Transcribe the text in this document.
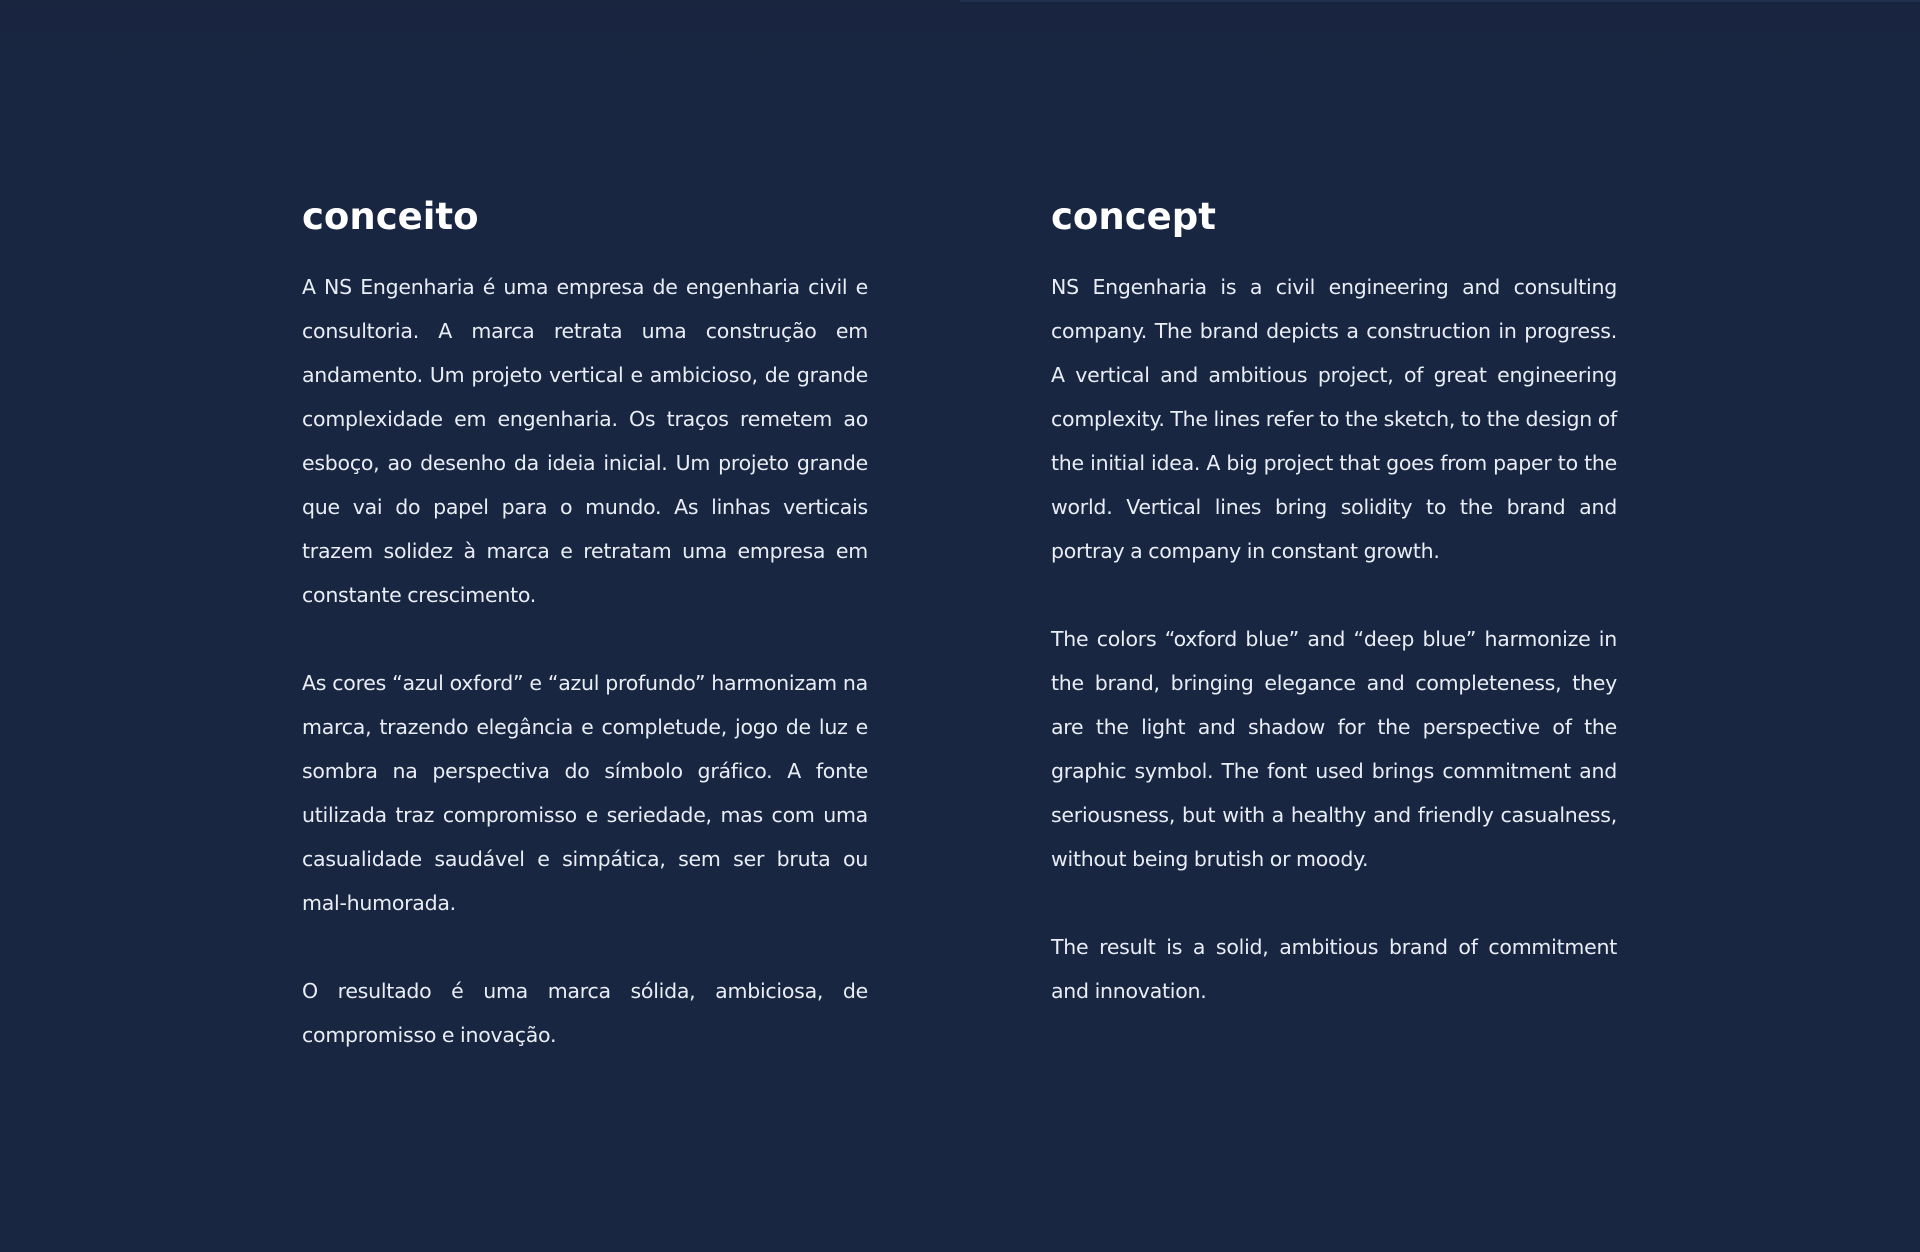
conceito

A NS Engenharia é uma empresa de engenharia civil e consultoria. A marca retrata uma construção em andamento. Um projeto vertical e ambicioso, de grande complexidade em engenharia. Os traços remetem ao esboço, ao desenho da ideia inicial. Um projeto grande que vai do papel para o mundo. As linhas verticais trazem solidez à marca e retratam uma empresa em constante crescimento.

As cores “azul oxford” e “azul profundo” harmonizam na marca, trazendo elegância e completude, jogo de luz e sombra na perspectiva do símbolo gráfico. A fonte utilizada traz compromisso e seriedade, mas com uma casualidade saudável e simpática, sem ser bruta ou mal-humorada.

O resultado é uma marca sólida, ambiciosa, de compromisso e inovação.

concept

NS Engenharia is a civil engineering and consulting company. The brand depicts a construction in progress. A vertical and ambitious project, of great engineering complexity. The lines refer to the sketch, to the design of the initial idea. A big project that goes from paper to the world. Vertical lines bring solidity to the brand and portray a company in constant growth.

The colors “oxford blue” and “deep blue” harmonize in the brand, bringing elegance and completeness, they are the light and shadow for the perspective of the graphic symbol. The font used brings commitment and seriousness, but with a healthy and friendly casualness, without being brutish or moody.

The result is a solid, ambitious brand of commitment and innovation.
